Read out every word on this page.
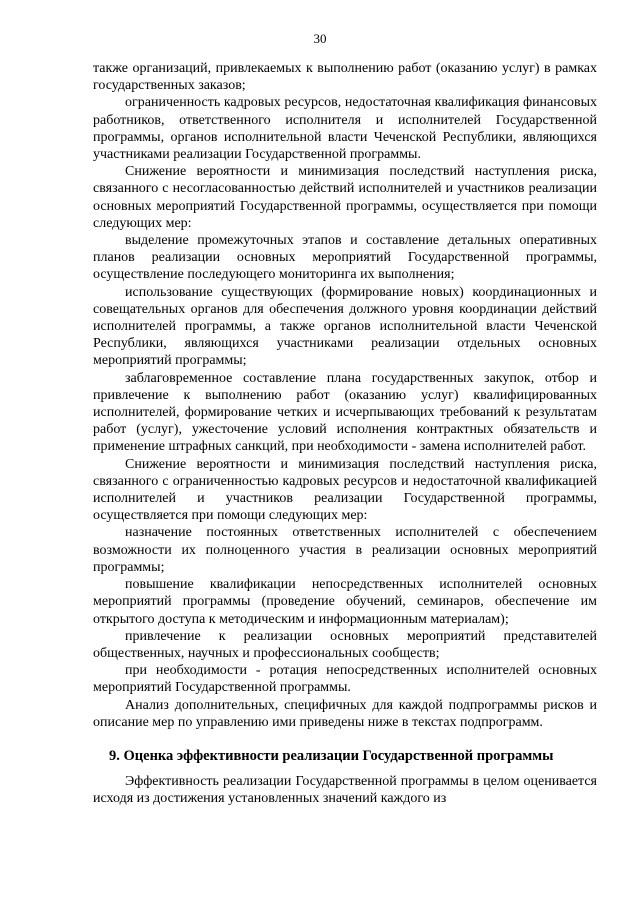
30

также организаций, привлекаемых к выполнению работ (оказанию услуг) в рамках государственных заказов;

ограниченность кадровых ресурсов, недостаточная квалификация финансовых работников, ответственного исполнителя и исполнителей Государственной программы, органов исполнительной власти Чеченской Республики, являющихся участниками реализации Государственной программы.

Снижение вероятности и минимизация последствий наступления риска, связанного с несогласованностью действий исполнителей и участников реализации основных мероприятий Государственной программы, осуществляется при помощи следующих мер:

выделение промежуточных этапов и составление детальных оперативных планов реализации основных мероприятий Государственной программы, осуществление последующего мониторинга их выполнения;

использование существующих (формирование новых) координационных и совещательных органов для обеспечения должного уровня координации действий исполнителей программы, а также органов исполнительной власти Чеченской Республики, являющихся участниками реализации отдельных основных мероприятий программы;

заблаговременное составление плана государственных закупок, отбор и привлечение к выполнению работ (оказанию услуг) квалифицированных исполнителей, формирование четких и исчерпывающих требований к результатам работ (услуг), ужесточение условий исполнения контрактных обязательств и применение штрафных санкций, при необходимости - замена исполнителей работ.

Снижение вероятности и минимизация последствий наступления риска, связанного с ограниченностью кадровых ресурсов и недостаточной квалификацией исполнителей и участников реализации Государственной программы, осуществляется при помощи следующих мер:

назначение постоянных ответственных исполнителей с обеспечением возможности их полноценного участия в реализации основных мероприятий программы;

повышение квалификации непосредственных исполнителей основных мероприятий программы (проведение обучений, семинаров, обеспечение им открытого доступа к методическим и информационным материалам);

привлечение к реализации основных мероприятий представителей общественных, научных и профессиональных сообществ;

при необходимости - ротация непосредственных исполнителей основных мероприятий Государственной программы.

Анализ дополнительных, специфичных для каждой подпрограммы рисков и описание мер по управлению ими приведены ниже в текстах подпрограмм.

9. Оценка эффективности реализации Государственной программы

Эффективность реализации Государственной программы в целом оценивается исходя из достижения установленных значений каждого из
